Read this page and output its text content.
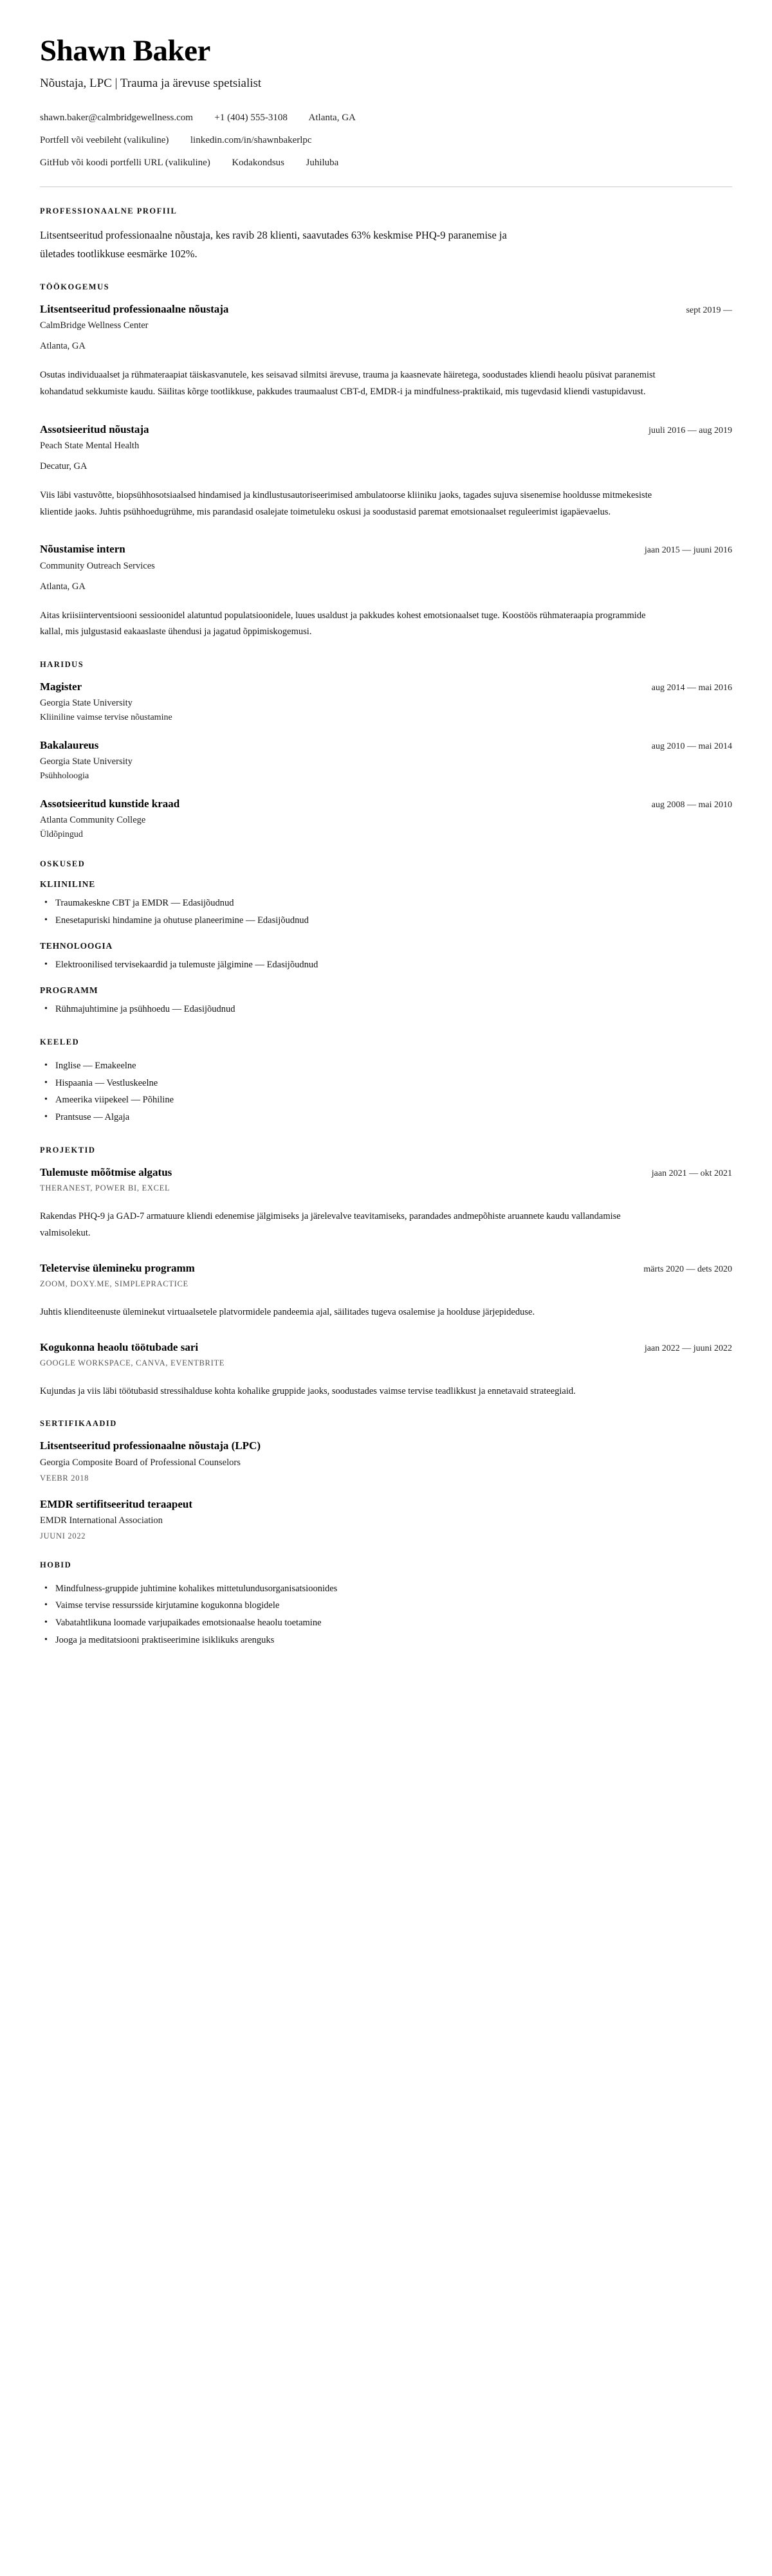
Shawn Baker
Nõustaja, LPC | Trauma ja ärevuse spetsialist
shawn.baker@calmbridgewellness.com +1 (404) 555-3108 Atlanta, GA
Portfell või veebileht (valikuline) linkedin.com/in/shawnbakerlpc
GitHub või koodi portfelli URL (valikuline) Kodakondsus Juhiluba
PROFESSIONAALNE PROFIIL

Litsentseeritud professionaalne nõustaja, kes ravib 28 klienti, saavutades 63% keskmise PHQ-9 paranemise ja ületades tootlikkuse eesmärke 102%.

TÖÖKOGEMUS
Litsentseeritud professionaalne nõustaja	sept 2019 —

CalmBridge Wellness Center

Atlanta, GA

Osutas individuaalset ja rühmateraapiat täiskasvanutele, kes seisavad silmitsi ärevuse, trauma ja kaasnevate häiretega, soodustades kliendi heaolu püsivat paranemist kohandatud sekkumiste kaudu. Säilitas kõrge tootlikkuse, pakkudes traumaalust CBT-d, EMDR-i ja mindfulness-praktikaid, mis tugevdasid kliendi vastupidavust.

Assotsieeritud nõustaja	juuli 2016 — aug 2019

Peach State Mental Health

Decatur, GA

Viis läbi vastuvõtte, biopsühhosotsiaalsed hindamised ja kindlustusautoriseerimised ambulatoorse kliiniku jaoks, tagades sujuva sisenemise hooldusse mitmekesiste klientide jaoks. Juhtis psühhoedugrühme, mis parandasid osalejate toimetuleku oskusi ja soodustasid paremat emotsionaalset reguleerimist igapäevaelus.

Nõustamise intern	jaan 2015 — juuni 2016

Community Outreach Services

Atlanta, GA

Aitas kriisiinterventsiooni sessioonidel alatuntud populatsioonidele, luues usaldust ja pakkudes kohest emotsionaalset tuge. Koostöös rühmateraapia programmide kallal, mis julgustasid eakaaslaste ühendusi ja jagatud õppimiskogemusi.

HARIDUS
Magister	aug 2014 — mai 2016

Georgia State University

Kliiniline vaimse tervise nõustamine

Bakalaureus	aug 2010 — mai 2014

Georgia State University

Psühholoogia

Assotsieeritud kunstide kraad	aug 2008 — mai 2010

Atlanta Community College

Üldõpingud

OSKUSED
KLIINILINE
• Traumakeskne CBT ja EMDR — Edasijõudnud
• Enesetapuriski hindamine ja ohutuse planeerimine — Edasijõudnud
TEHNOLOOGIA
• Elektroonilised tervisekaardid ja tulemuste jälgimine — Edasijõudnud
PROGRAMM
• Rühmajuhtimine ja psühhoedu — Edasijõudnud
KEELED
• Inglise — Emakeelne
• Hispaania — Vestluskeelne
• Ameerika viipekeel — Põhiline
• Prantsuse — Algaja
PROJEKTID
Tulemuste mõõtmise algatus	jaan 2021 — okt 2021

THERANEST, POWER BI, EXCEL

Rakendas PHQ-9 ja GAD-7 armatuure kliendi edenemise jälgimiseks ja järelevalve teavitamiseks, parandades andmepõhiste aruannete kaudu vallandamise valmisolekut.

Teletervise ülemineku programm	märts 2020 — dets 2020

ZOOM, DOXY.ME, SIMPLEPRACTICE

Juhtis klienditeenuste üleminekut virtuaalsetele platvormidele pandeemia ajal, säilitades tugeva osalemise ja hoolduse järjepideduse.

Kogukonna heaolu töötubade sari	jaan 2022 — juuni 2022

GOOGLE WORKSPACE, CANVA, EVENTBRITE

Kujundas ja viis läbi töötubasid stressihalduse kohta kohalike gruppide jaoks, soodustades vaimse tervise teadlikkust ja ennetavaid strateegiaid.

SERTIFIKAADID
Litsentseeritud professionaalne nõustaja (LPC)

Georgia Composite Board of Professional Counselors

VEEBR 2018

EMDR sertifitseeritud teraapeut

EMDR International Association

JUUNI 2022

HOBID
• Mindfulness-gruppide juhtimine kohalikes mittetulundusorganisatsioonides
• Vaimse tervise ressursside kirjutamine kogukonna blogidele
• Vabatahtlikuna loomade varjupaikades emotsionaalse heaolu toetamine
• Jooga ja meditatsiooni praktiseerimine isiklikuks arenguks
